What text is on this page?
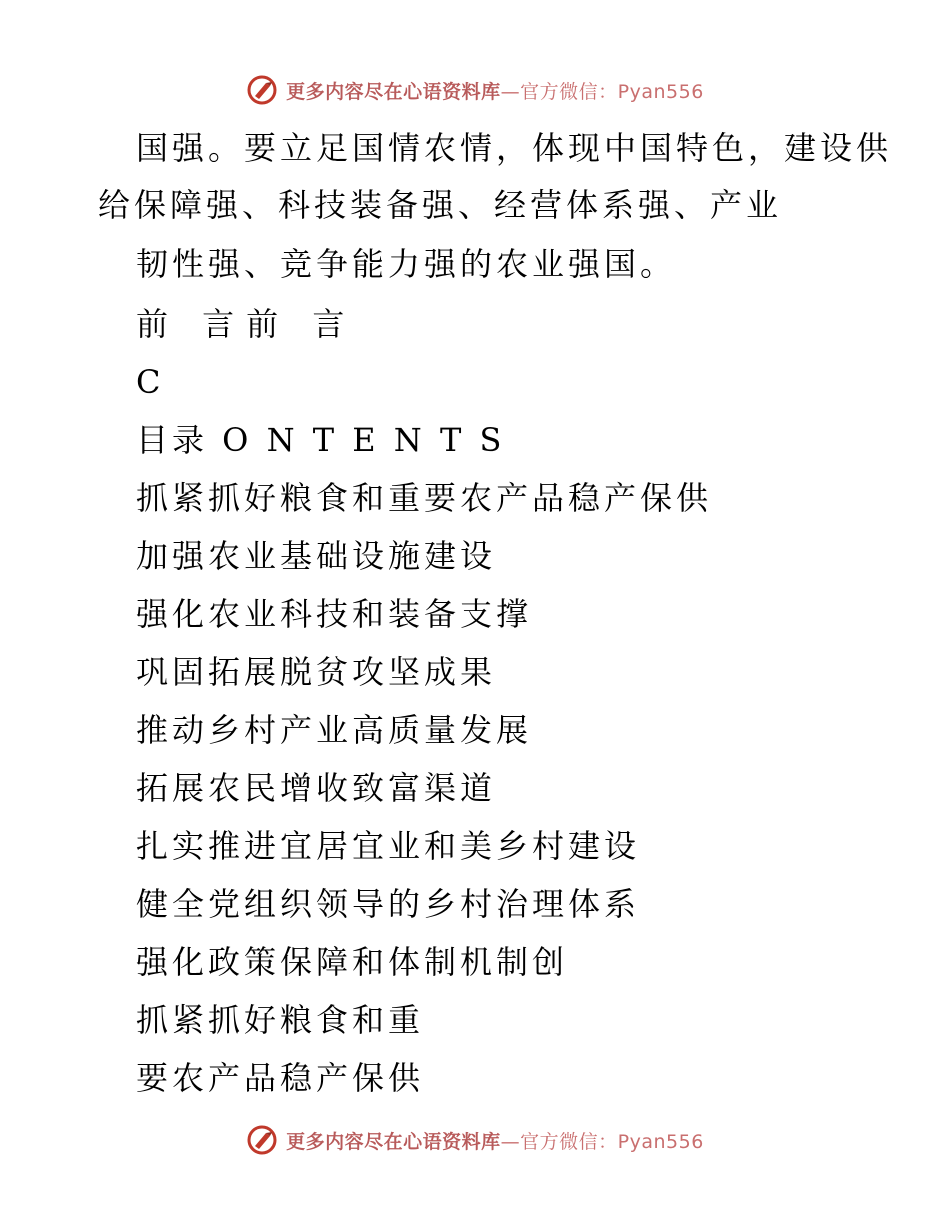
更多内容尽在心语资料库—官方微信：Pyan556
国强。要立足国情农情，体现中国特色，建设供
给保障强、科技装备强、经营体系强、产业
韧性强、竞争能力强的农业强国。
前 言前 言
C
目录 O N T E N T S
抓紧抓好粮食和重要农产品稳产保供
加强农业基础设施建设
强化农业科技和装备支撑
巩固拓展脱贫攻坚成果
推动乡村产业高质量发展
拓展农民增收致富渠道
扎实推进宜居宜业和美乡村建设
健全党组织领导的乡村治理体系
强化政策保障和体制机制创
抓紧抓好粮食和重
要农产品稳产保供
更多内容尽在心语资料库—官方微信：Pyan556
